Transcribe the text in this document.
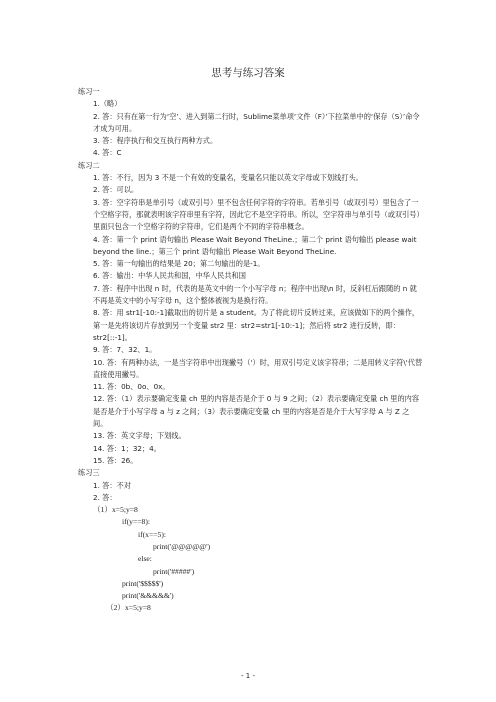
思考与练习答案
练习一
1.（略）
2. 答：只有在第一行为‘空’、进入到第二行时，Sublime菜单项‘文件（F）’下拉菜单中的‘保存（S）’命令才成为可用。
3. 答：程序执行和交互执行两种方式。
4. 答：C
练习二
1. 答：不行，因为 3 不是一个有效的变量名，变量名只能以英文字母或下划线打头。
2. 答：可以。
3. 答：空字符串是单引号（或双引号）里不包含任何字符的字符串。若单引号（或双引号）里包含了一个空格字符，那就表明该字符串里有字符，因此它不是空字符串。所以，空字符串与单引号（或双引号）里面只包含一个空格字符的字符串，它们是两个不同的字符串概念。
4. 答：第一个 print 语句输出 Please Wait Beyond TheLine.；第二个 print 语句输出 please wait beyond the line.；第三个 print 语句输出 Please Wait Beyond TheLine.
5. 答：第一句输出的结果是 20；第二句输出的是-1。
6. 答：输出：中华人民共和国，中华人民共和国
7. 答：程序中出现 n 时，代表的是英文中的一个小写字母 n；程序中出现\n 时，反斜杠后跟随的 n 就不再是英文中的小写字母 n，这个整体被视为是换行符。
8. 答：用 str1[-10:-1]截取出的切片是 a student。为了将此切片反转过来，应该做如下的两个操作，第一是先将该切片存放到另一个变量 str2 里：str2=str1[-10:-1]；然后将 str2 进行反转，即：str2[::-1]。
9. 答：7、32、1。
10. 答：有两种办法，一是当字符串中出现撇号（'）时，用双引号定义该字符串；二是用转义字符\'代替直接使用撇号。
11. 答：0b、0o、0x。
12. 答：（1）表示要确定变量 ch 里的内容是否是介于 0 与 9 之间；（2）表示要确定变量 ch 里的内容是否是介于小写字母 a 与 z 之间；（3）表示要确定变量 ch 里的内容是否是介于大写字母 A 与 Z 之间。
13. 答：英文字母；下划线。
14. 答：1；32；4。
15. 答：26。
练习三
1. 答：不对
2. 答：
（1）x=5;y=8
if(y==8):
if(x==5):
print('@@@@@')
else:
print('#####')
print('$$$$$')
print('&&&&&')
（2）x=5;y=8
- 1 -
